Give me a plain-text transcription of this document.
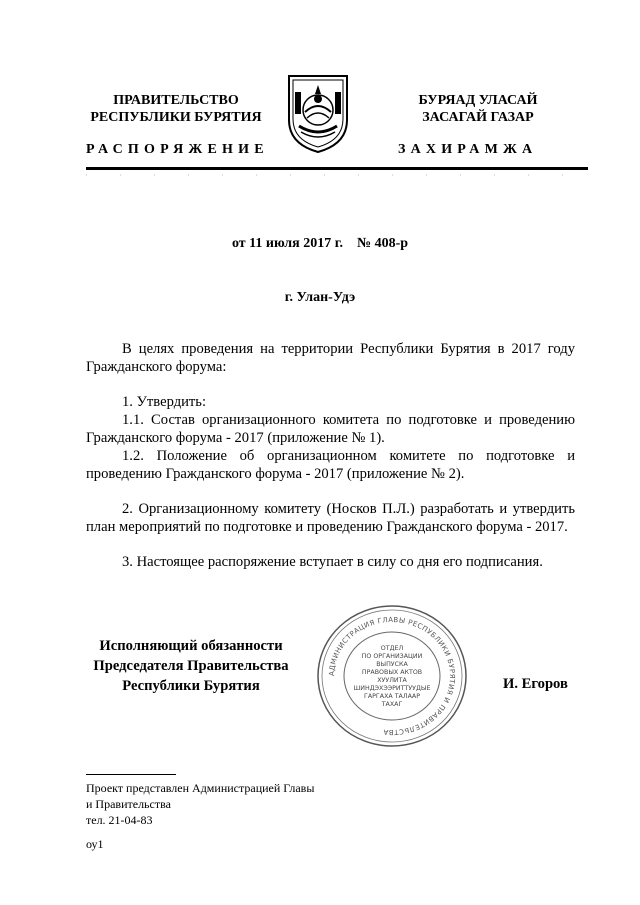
ПРАВИТЕЛЬСТВО
РЕСПУБЛИКИ БУРЯТИЯ
РАСПОРЯЖЕНИЕ
БУРЯАД УЛАСАЙ
ЗАСАГАЙ ГАЗАР
ЗАХИРАМЖА
от 11 июля 2017 г. № 408-р
г. Улан-Удэ

В целях проведения на территории Республики Бурятия в 2017 году Гражданского форума:

1. Утвердить:

1.1. Состав организационного комитета по подготовке и проведению Гражданского форума - 2017 (приложение № 1).

1.2. Положение об организационном комитете по подготовке и проведению Гражданского форума - 2017 (приложение № 2).

2. Организационному комитету (Носков П.Л.) разработать и утвердить план мероприятий по подготовке и проведению Гражданского форума - 2017.

3. Настоящее распоряжение вступает в силу со дня его подписания.

Исполняющий обязанности
Председателя Правительства
Республики Бурятия
АДМИНИСТРАЦИЯ ГЛАВЫ РЕСПУБЛИКИ БУРЯТИЯ И ПРАВИТЕЛЬСТВА
ОТДЕЛ
ПО ОРГАНИЗАЦИИ
ВЫПУСКА
ПРАВОВЫХ АКТОВ
ХУУЛИТА
ШИНДЭХЭЭРИТТУУДЫЕ
ГАРГАХА ТАЛААР
ТАХАГ
И. Егоров
Проект представлен Администрацией Главы
и Правительства
тел. 21-04-83
оу1
